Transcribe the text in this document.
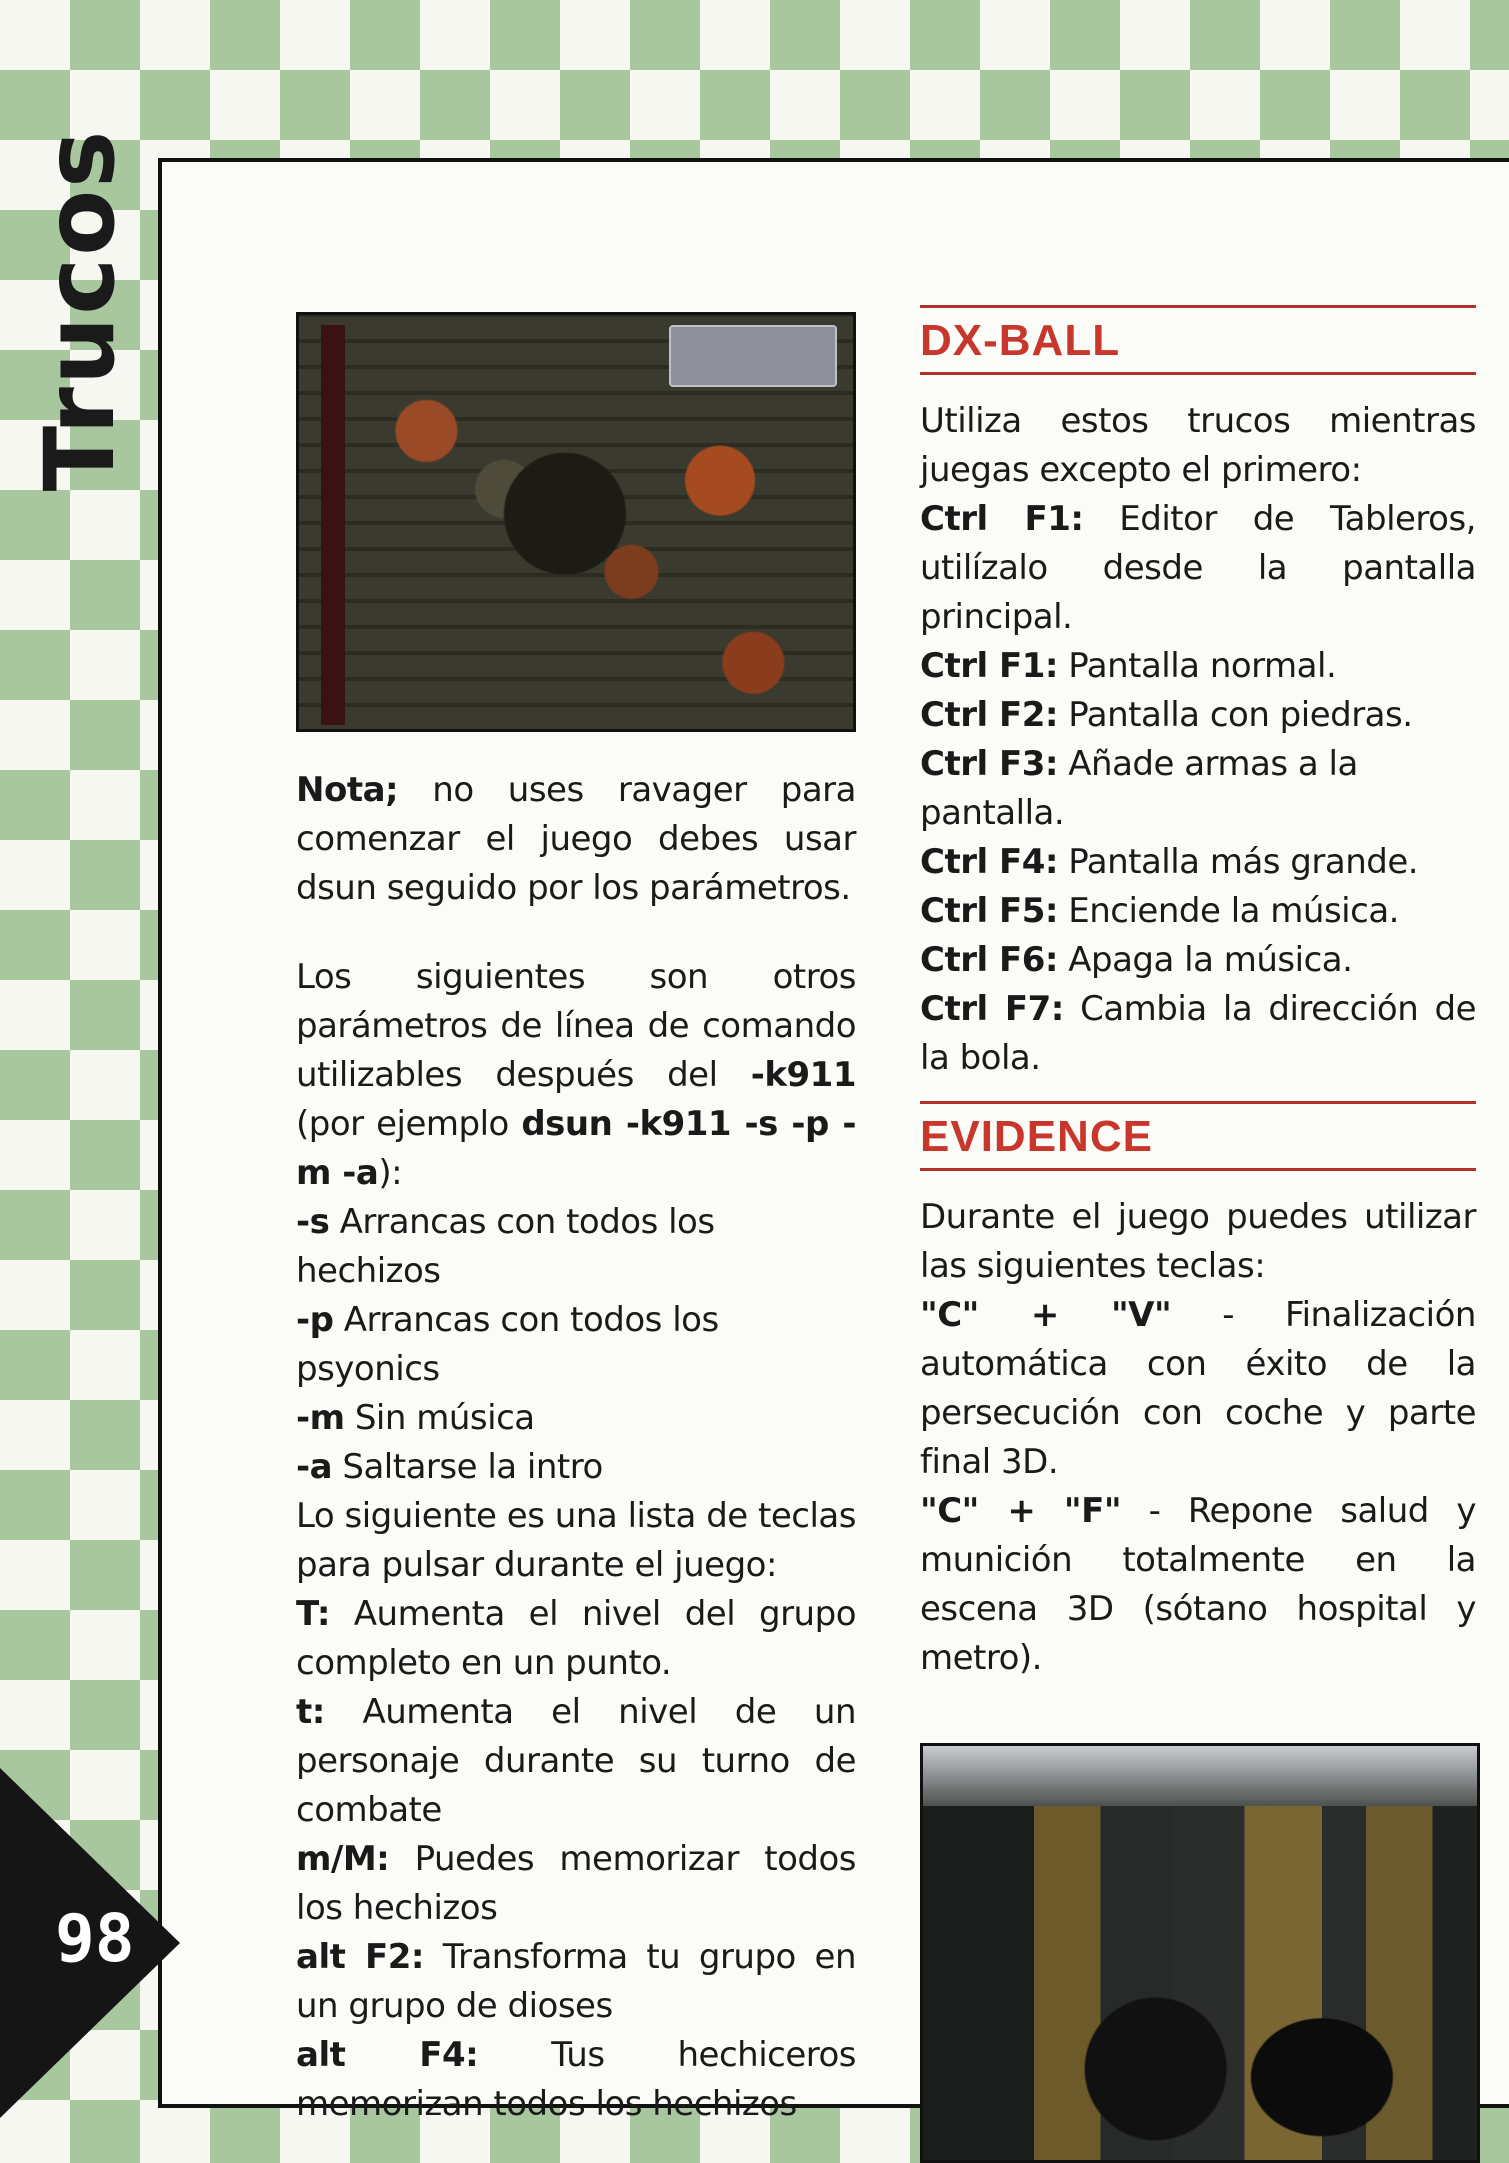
Trucos

Nota; no uses ravager para comenzar el juego debes usar dsun seguido por los parámetros.

Los siguientes son otros parámetros de línea de comando utilizables después del -k911 (por ejemplo dsun -k911 -s -p -m -a):

-s Arrancas con todos los hechizos

-p Arrancas con todos los psyonics

-m Sin música

-a Saltarse la intro

Lo siguiente es una lista de teclas para pulsar durante el juego:

T: Aumenta el nivel del grupo completo en un punto.

t: Aumenta el nivel de un personaje durante su turno de combate

m/M: Puedes memorizar todos los hechizos

alt F2: Transforma tu grupo en un grupo de dioses

alt F4: Tus hechiceros memorizan todos los hechizos

DX-BALL

Utiliza estos trucos mientras juegas excepto el primero:

Ctrl F1: Editor de Tableros, utilízalo desde la pantalla principal.

Ctrl F1: Pantalla normal.

Ctrl F2: Pantalla con piedras.

Ctrl F3: Añade armas a la pantalla.

Ctrl F4: Pantalla más grande.

Ctrl F5: Enciende la música.

Ctrl F6: Apaga la música.

Ctrl F7: Cambia la dirección de la bola.

EVIDENCE

Durante el juego puedes utilizar las siguientes teclas:

"C" + "V" - Finalización automática con éxito de la persecución con coche y parte final 3D.

"C" + "F" - Repone salud y munición totalmente en la escena 3D (sótano hospital y metro).

98
